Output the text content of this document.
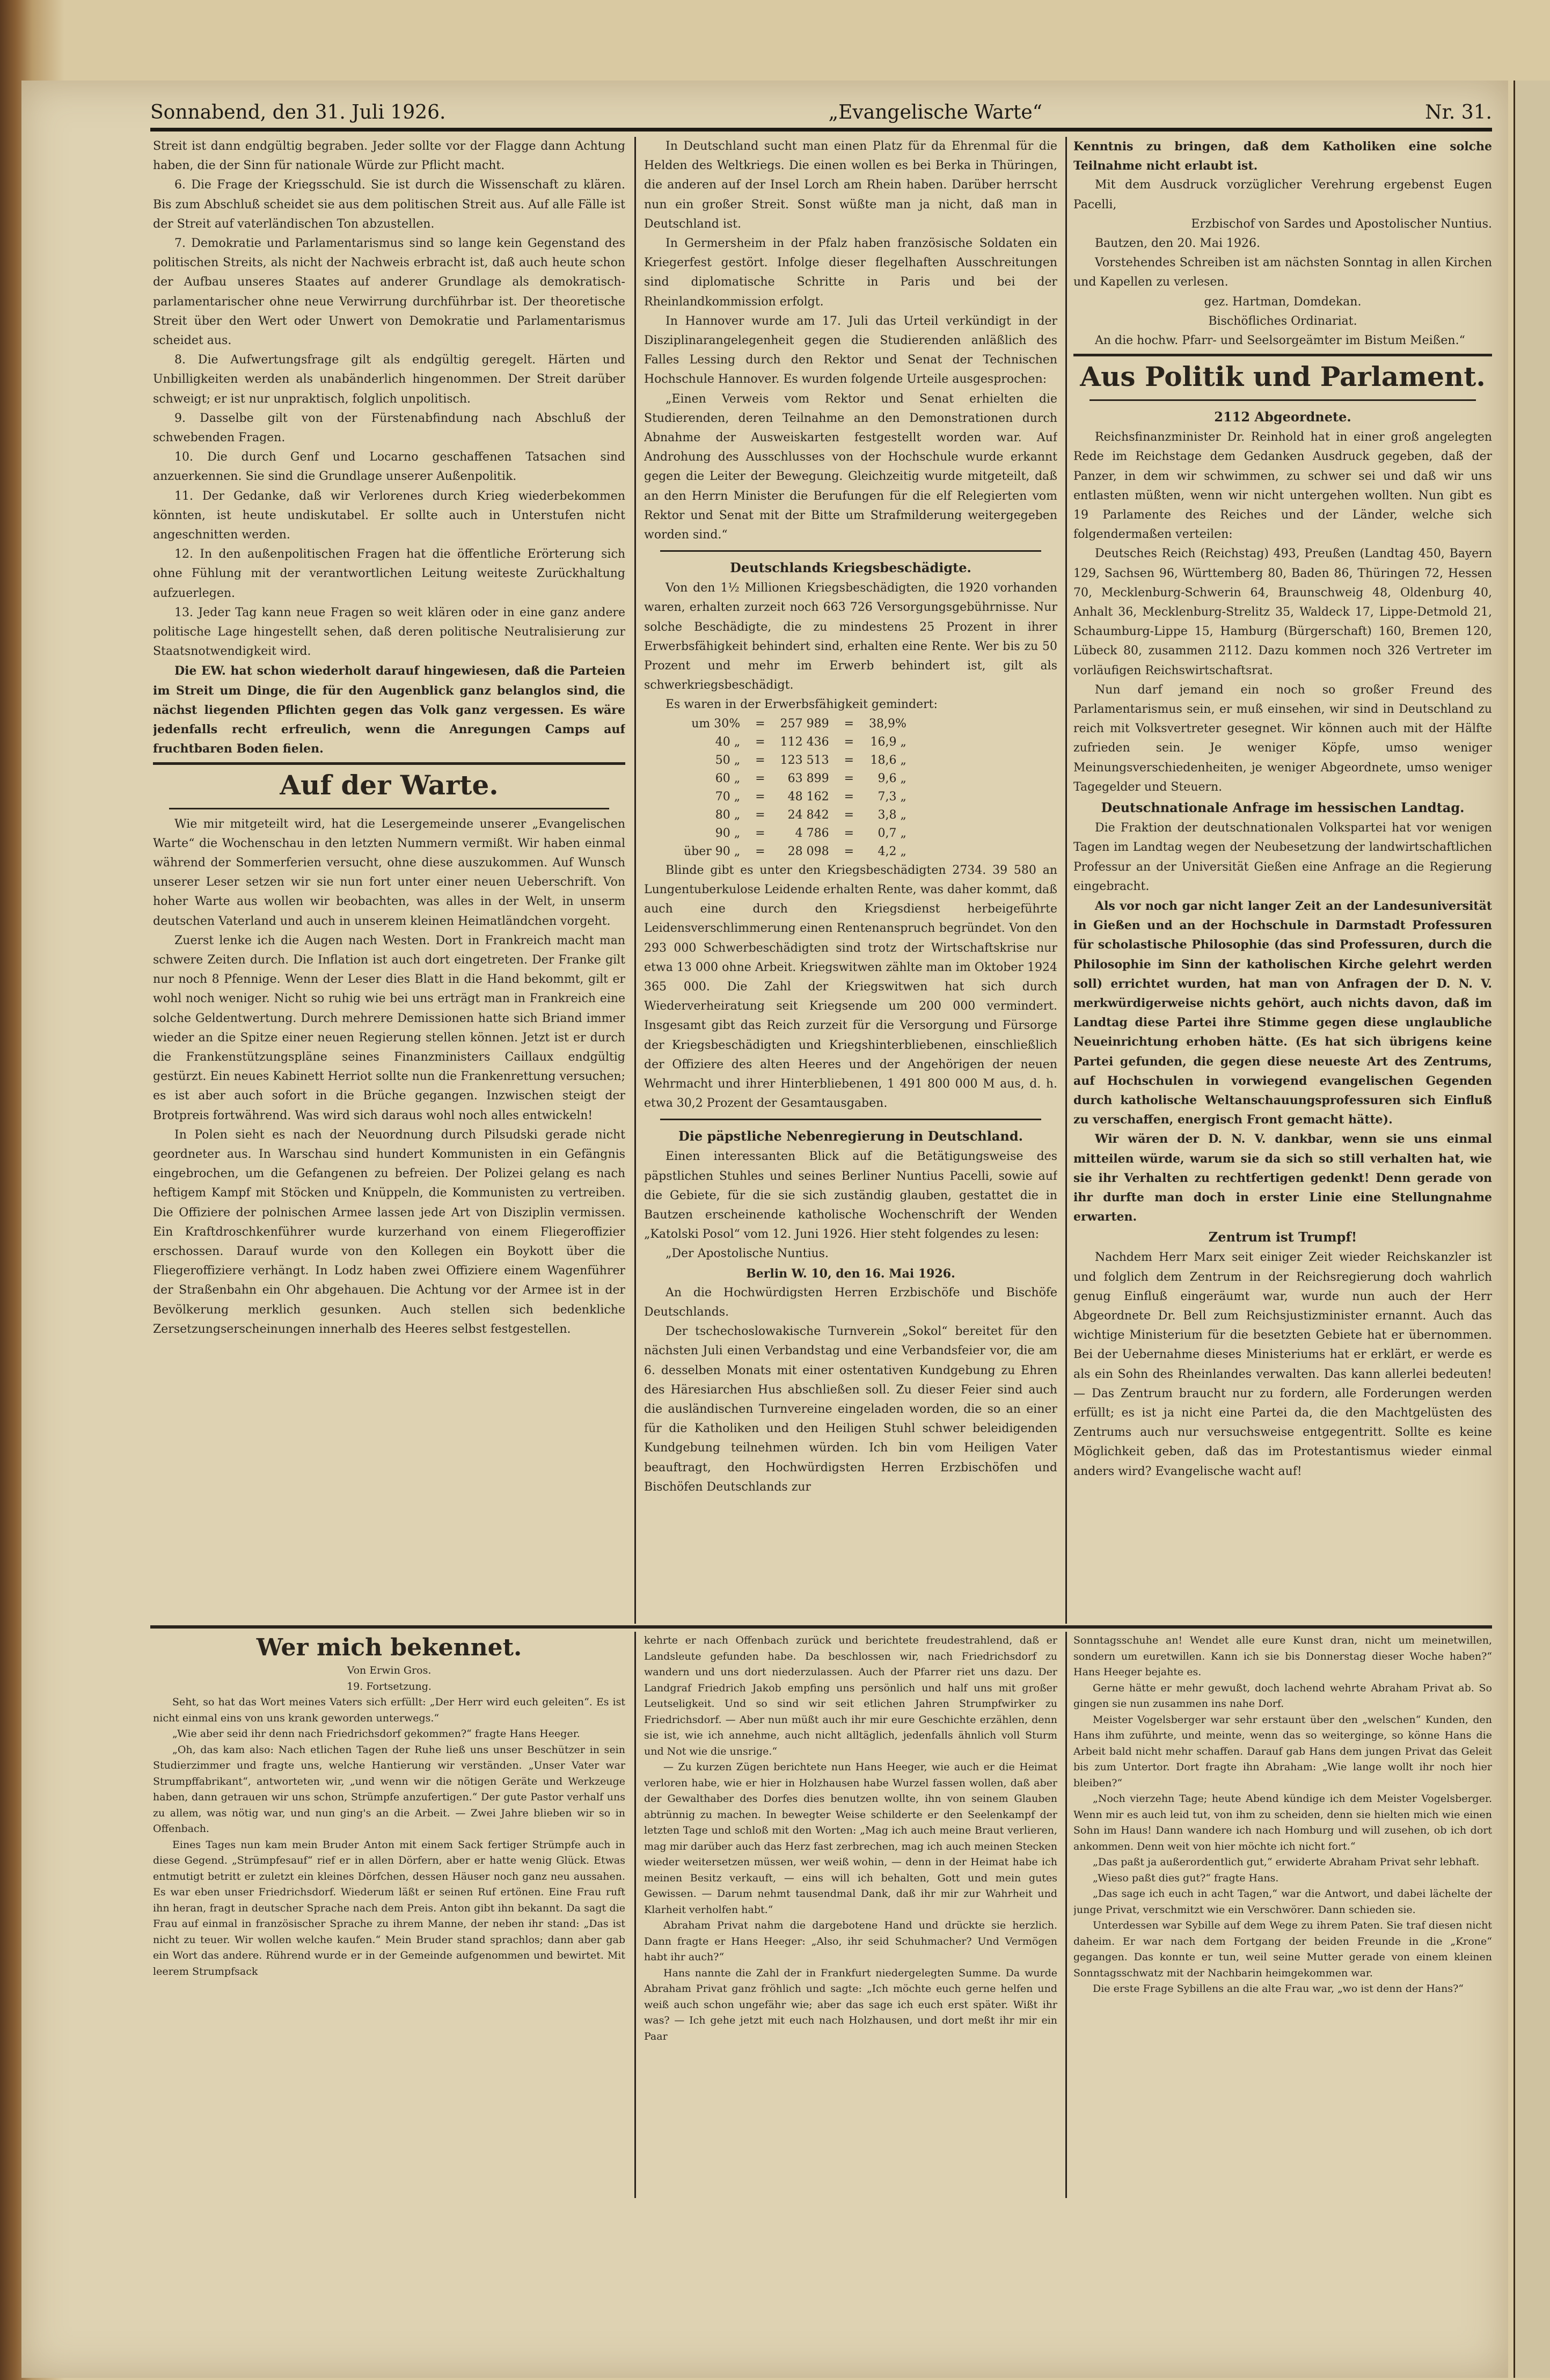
Sonnabend, den 31. Juli 1926.	„Evangelische Warte“	Nr. 31.

Streit ist dann endgültig begraben. Jeder sollte vor der Flagge dann Achtung haben, die der Sinn für nationale Würde zur Pflicht macht.

6. Die Frage der Kriegsschuld. Sie ist durch die Wissenschaft zu klären. Bis zum Abschluß scheidet sie aus dem politischen Streit aus. Auf alle Fälle ist der Streit auf vaterländischen Ton abzustellen.

7. Demokratie und Parlamentarismus sind so lange kein Gegenstand des politischen Streits, als nicht der Nachweis erbracht ist, daß auch heute schon der Aufbau unseres Staates auf anderer Grundlage als demokratisch-parlamentarischer ohne neue Verwirrung durchführbar ist. Der theoretische Streit über den Wert oder Unwert von Demokratie und Parlamentarismus scheidet aus.

8. Die Aufwertungsfrage gilt als endgültig geregelt. Härten und Unbilligkeiten werden als unabänderlich hingenommen. Der Streit darüber schweigt; er ist nur unpraktisch, folglich unpolitisch.

9. Dasselbe gilt von der Fürstenabfindung nach Abschluß der schwebenden Fragen.

10. Die durch Genf und Locarno geschaffenen Tatsachen sind anzuerkennen. Sie sind die Grundlage unserer Außenpolitik.

11. Der Gedanke, daß wir Verlorenes durch Krieg wiederbekommen könnten, ist heute undiskutabel. Er sollte auch in Unterstufen nicht angeschnitten werden.

12. In den außenpolitischen Fragen hat die öffentliche Erörterung sich ohne Fühlung mit der verantwortlichen Leitung weiteste Zurückhaltung aufzuerlegen.

13. Jeder Tag kann neue Fragen so weit klären oder in eine ganz andere politische Lage hingestellt sehen, daß deren politische Neutralisierung zur Staatsnotwendigkeit wird.

Die EW. hat schon wiederholt darauf hingewiesen, daß die Parteien im Streit um Dinge, die für den Augenblick ganz belanglos sind, die nächst liegenden Pflichten gegen das Volk ganz vergessen. Es wäre jedenfalls recht erfreulich, wenn die Anregungen Camps auf fruchtbaren Boden fielen.

Auf der Warte.

Wie mir mitgeteilt wird, hat die Lesergemeinde unserer „Evangelischen Warte“ die Wochenschau in den letzten Nummern vermißt. Wir haben einmal während der Sommerferien versucht, ohne diese auszukommen. Auf Wunsch unserer Leser setzen wir sie nun fort unter einer neuen Ueberschrift. Von hoher Warte aus wollen wir beobachten, was alles in der Welt, in unserm deutschen Vaterland und auch in unserem kleinen Heimatländchen vorgeht.

Zuerst lenke ich die Augen nach Westen. Dort in Frankreich macht man schwere Zeiten durch. Die Inflation ist auch dort eingetreten. Der Franke gilt nur noch 8 Pfennige. Wenn der Leser dies Blatt in die Hand bekommt, gilt er wohl noch weniger. Nicht so ruhig wie bei uns erträgt man in Frankreich eine solche Geldentwertung. Durch mehrere Demissionen hatte sich Briand immer wieder an die Spitze einer neuen Regierung stellen können. Jetzt ist er durch die Frankenstützungspläne seines Finanzministers Caillaux endgültig gestürzt. Ein neues Kabinett Herriot sollte nun die Frankenrettung versuchen; es ist aber auch sofort in die Brüche gegangen. Inzwischen steigt der Brotpreis fortwährend. Was wird sich daraus wohl noch alles entwickeln!

In Polen sieht es nach der Neuordnung durch Pilsudski gerade nicht geordneter aus. In Warschau sind hundert Kommunisten in ein Gefängnis eingebrochen, um die Gefangenen zu befreien. Der Polizei gelang es nach heftigem Kampf mit Stöcken und Knüppeln, die Kommunisten zu vertreiben. Die Offiziere der polnischen Armee lassen jede Art von Disziplin vermissen. Ein Kraftdroschkenführer wurde kurzerhand von einem Fliegeroffizier erschossen. Darauf wurde von den Kollegen ein Boykott über die Fliegeroffiziere verhängt. In Lodz haben zwei Offiziere einem Wagenführer der Straßenbahn ein Ohr abgehauen. Die Achtung vor der Armee ist in der Bevölkerung merklich gesunken. Auch stellen sich bedenkliche Zersetzungserscheinungen innerhalb des Heeres selbst festgestellen.

In Deutschland sucht man einen Platz für da Ehrenmal für die Helden des Weltkriegs. Die einen wollen es bei Berka in Thüringen, die anderen auf der Insel Lorch am Rhein haben. Darüber herrscht nun ein großer Streit. Sonst wüßte man ja nicht, daß man in Deutschland ist.

In Germersheim in der Pfalz haben französische Soldaten ein Kriegerfest gestört. Infolge dieser flegelhaften Ausschreitungen sind diplomatische Schritte in Paris und bei der Rheinlandkommission erfolgt.

In Hannover wurde am 17. Juli das Urteil verkündigt in der Disziplinarangelegenheit gegen die Studierenden anläßlich des Falles Lessing durch den Rektor und Senat der Technischen Hochschule Hannover. Es wurden folgende Urteile ausgesprochen:

„Einen Verweis vom Rektor und Senat erhielten die Studierenden, deren Teilnahme an den Demonstrationen durch Abnahme der Ausweiskarten festgestellt worden war. Auf Androhung des Ausschlusses von der Hochschule wurde erkannt gegen die Leiter der Bewegung. Gleichzeitig wurde mitgeteilt, daß an den Herrn Minister die Berufungen für die elf Relegierten vom Rektor und Senat mit der Bitte um Strafmilderung weitergegeben worden sind.“

Deutschlands Kriegsbeschädigte.

Von den 1½ Millionen Kriegsbeschädigten, die 1920 vorhanden waren, erhalten zurzeit noch 663 726 Versorgungsgebührnisse. Nur solche Beschädigte, die zu mindestens 25 Prozent in ihrer Erwerbsfähigkeit behindert sind, erhalten eine Rente. Wer bis zu 50 Prozent und mehr im Erwerb behindert ist, gilt als schwerkriegsbeschädigt.

Es waren in der Erwerbsfähigkeit gemindert:

um 30%	=	257 989	=	38,9%
40 „	=	112 436	=	16,9 „
50 „	=	123 513	=	18,6 „
60 „	=	63 899	=	9,6 „
70 „	=	48 162	=	7,3 „
80 „	=	24 842	=	3,8 „
90 „	=	4 786	=	0,7 „
über 90 „	=	28 098	=	4,2 „

Blinde gibt es unter den Kriegsbeschädigten 2734. 39 580 an Lungentuberkulose Leidende erhalten Rente, was daher kommt, daß auch eine durch den Kriegsdienst herbeigeführte Leidensverschlimmerung einen Rentenanspruch begründet. Von den 293 000 Schwerbeschädigten sind trotz der Wirtschaftskrise nur etwa 13 000 ohne Arbeit. Kriegswitwen zählte man im Oktober 1924 365 000. Die Zahl der Kriegswitwen hat sich durch Wiederverheiratung seit Kriegsende um 200 000 vermindert. Insgesamt gibt das Reich zurzeit für die Versorgung und Fürsorge der Kriegsbeschädigten und Kriegshinterbliebenen, einschließlich der Offiziere des alten Heeres und der Angehörigen der neuen Wehrmacht und ihrer Hinterbliebenen, 1 491 800 000 M aus, d. h. etwa 30,2 Prozent der Gesamtausgaben.

Die päpstliche Nebenregierung in Deutschland.

Einen interessanten Blick auf die Betätigungsweise des päpstlichen Stuhles und seines Berliner Nuntius Pacelli, sowie auf die Gebiete, für die sie sich zuständig glauben, gestattet die in Bautzen erscheinende katholische Wochenschrift der Wenden „Katolski Posol“ vom 12. Juni 1926. Hier steht folgendes zu lesen:

„Der Apostolische Nuntius.

Berlin W. 10, den 16. Mai 1926.

An die Hochwürdigsten Herren Erzbischöfe und Bischöfe Deutschlands.

Der tschechoslowakische Turnverein „Sokol“ bereitet für den nächsten Juli einen Verbandstag und eine Verbandsfeier vor, die am 6. desselben Monats mit einer ostentativen Kundgebung zu Ehren des Häresiarchen Hus abschließen soll. Zu dieser Feier sind auch die ausländischen Turnvereine eingeladen worden, die so an einer für die Katholiken und den Heiligen Stuhl schwer beleidigenden Kundgebung teilnehmen würden. Ich bin vom Heiligen Vater beauftragt, den Hochwürdigsten Herren Erzbischöfen und Bischöfen Deutschlands zur

Kenntnis zu bringen, daß dem Katholiken eine solche Teilnahme nicht erlaubt ist.

Mit dem Ausdruck vorzüglicher Verehrung ergebenst Eugen Pacelli,

Erzbischof von Sardes und Apostolischer Nuntius.

Bautzen, den 20. Mai 1926.

Vorstehendes Schreiben ist am nächsten Sonntag in allen Kirchen und Kapellen zu verlesen.

gez. Hartman, Domdekan.

Bischöfliches Ordinariat.

An die hochw. Pfarr- und Seelsorgeämter im Bistum Meißen.“

Aus Politik und Parlament.

2112 Abgeordnete.

Reichsfinanzminister Dr. Reinhold hat in einer groß angelegten Rede im Reichstage dem Gedanken Ausdruck gegeben, daß der Panzer, in dem wir schwimmen, zu schwer sei und daß wir uns entlasten müßten, wenn wir nicht untergehen wollten. Nun gibt es 19 Parlamente des Reiches und der Länder, welche sich folgendermaßen verteilen:

Deutsches Reich (Reichstag) 493, Preußen (Landtag 450, Bayern 129, Sachsen 96, Württemberg 80, Baden 86, Thüringen 72, Hessen 70, Mecklenburg-Schwerin 64, Braunschweig 48, Oldenburg 40, Anhalt 36, Mecklenburg-Strelitz 35, Waldeck 17, Lippe-Detmold 21, Schaumburg-Lippe 15, Hamburg (Bürgerschaft) 160, Bremen 120, Lübeck 80, zusammen 2112. Dazu kommen noch 326 Vertreter im vorläufigen Reichswirtschaftsrat.

Nun darf jemand ein noch so großer Freund des Parlamentarismus sein, er muß einsehen, wir sind in Deutschland zu reich mit Volksvertreter gesegnet. Wir können auch mit der Hälfte zufrieden sein. Je weniger Köpfe, umso weniger Meinungsverschiedenheiten, je weniger Abgeordnete, umso weniger Tagegelder und Steuern.

Deutschnationale Anfrage im hessischen Landtag.

Die Fraktion der deutschnationalen Volkspartei hat vor wenigen Tagen im Landtag wegen der Neubesetzung der landwirtschaftlichen Professur an der Universität Gießen eine Anfrage an die Regierung eingebracht.

Als vor noch gar nicht langer Zeit an der Landesuniversität in Gießen und an der Hochschule in Darmstadt Professuren für scholastische Philosophie (das sind Professuren, durch die Philosophie im Sinn der katholischen Kirche gelehrt werden soll) errichtet wurden, hat man von Anfragen der D. N. V. merkwürdigerweise nichts gehört, auch nichts davon, daß im Landtag diese Partei ihre Stimme gegen diese unglaubliche Neueinrichtung erhoben hätte. (Es hat sich übrigens keine Partei gefunden, die gegen diese neueste Art des Zentrums, auf Hochschulen in vorwiegend evangelischen Gegenden durch katholische Weltanschauungsprofessuren sich Einfluß zu verschaffen, energisch Front gemacht hätte).

Wir wären der D. N. V. dankbar, wenn sie uns einmal mitteilen würde, warum sie da sich so still verhalten hat, wie sie ihr Verhalten zu rechtfertigen gedenkt! Denn gerade von ihr durfte man doch in erster Linie eine Stellungnahme erwarten.

Zentrum ist Trumpf!

Nachdem Herr Marx seit einiger Zeit wieder Reichskanzler ist und folglich dem Zentrum in der Reichsregierung doch wahrlich genug Einfluß eingeräumt war, wurde nun auch der Herr Abgeordnete Dr. Bell zum Reichsjustizminister ernannt. Auch das wichtige Ministerium für die besetzten Gebiete hat er übernommen. Bei der Uebernahme dieses Ministeriums hat er erklärt, er werde es als ein Sohn des Rheinlandes verwalten. Das kann allerlei bedeuten! — Das Zentrum braucht nur zu fordern, alle Forderungen werden erfüllt; es ist ja nicht eine Partei da, die den Machtgelüsten des Zentrums auch nur versuchsweise entgegentritt. Sollte es keine Möglichkeit geben, daß das im Protestantismus wieder einmal anders wird? Evangelische wacht auf!

Wer mich bekennet.

Von Erwin Gros.

19. Fortsetzung.

Seht, so hat das Wort meines Vaters sich erfüllt: „Der Herr wird euch geleiten“. Es ist nicht einmal eins von uns krank geworden unterwegs.“

„Wie aber seid ihr denn nach Friedrichsdorf gekommen?“ fragte Hans Heeger.

„Oh, das kam also: Nach etlichen Tagen der Ruhe ließ uns unser Beschützer in sein Studierzimmer und fragte uns, welche Hantierung wir verständen. „Unser Vater war Strumpffabrikant“, antworteten wir, „und wenn wir die nötigen Geräte und Werkzeuge haben, dann getrauen wir uns schon, Strümpfe anzufertigen.“ Der gute Pastor verhalf uns zu allem, was nötig war, und nun ging's an die Arbeit. — Zwei Jahre blieben wir so in Offenbach.

Eines Tages nun kam mein Bruder Anton mit einem Sack fertiger Strümpfe auch in diese Gegend. „Strümpfesauf“ rief er in allen Dörfern, aber er hatte wenig Glück. Etwas entmutigt betritt er zuletzt ein kleines Dörfchen, dessen Häuser noch ganz neu aussahen. Es war eben unser Friedrichsdorf. Wiederum läßt er seinen Ruf ertönen. Eine Frau ruft ihn heran, fragt in deutscher Sprache nach dem Preis. Anton gibt ihn bekannt. Da sagt die Frau auf einmal in französischer Sprache zu ihrem Manne, der neben ihr stand: „Das ist nicht zu teuer. Wir wollen welche kaufen.“ Mein Bruder stand sprachlos; dann aber gab ein Wort das andere. Rührend wurde er in der Gemeinde aufgenommen und bewirtet. Mit leerem Strumpfsack

kehrte er nach Offenbach zurück und berichtete freudestrahlend, daß er Landsleute gefunden habe. Da beschlossen wir, nach Friedrichsdorf zu wandern und uns dort niederzulassen. Auch der Pfarrer riet uns dazu. Der Landgraf Friedrich Jakob empfing uns persönlich und half uns mit großer Leutseligkeit. Und so sind wir seit etlichen Jahren Strumpfwirker zu Friedrichsdorf. — Aber nun müßt auch ihr mir eure Geschichte erzählen, denn sie ist, wie ich annehme, auch nicht alltäglich, jedenfalls ähnlich voll Sturm und Not wie die unsrige.“

— Zu kurzen Zügen berichtete nun Hans Heeger, wie auch er die Heimat verloren habe, wie er hier in Holzhausen habe Wurzel fassen wollen, daß aber der Gewalthaber des Dorfes dies benutzen wollte, ihn von seinem Glauben abtrünnig zu machen. In bewegter Weise schilderte er den Seelenkampf der letzten Tage und schloß mit den Worten: „Mag ich auch meine Braut verlieren, mag mir darüber auch das Herz fast zerbrechen, mag ich auch meinen Stecken wieder weitersetzen müssen, wer weiß wohin, — denn in der Heimat habe ich meinen Besitz verkauft, — eins will ich behalten, Gott und mein gutes Gewissen. — Darum nehmt tausendmal Dank, daß ihr mir zur Wahrheit und Klarheit verholfen habt.“

Abraham Privat nahm die dargebotene Hand und drückte sie herzlich. Dann fragte er Hans Heeger: „Also, ihr seid Schuhmacher? Und Vermögen habt ihr auch?“

Hans nannte die Zahl der in Frankfurt niedergelegten Summe. Da wurde Abraham Privat ganz fröhlich und sagte: „Ich möchte euch gerne helfen und weiß auch schon ungefähr wie; aber das sage ich euch erst später. Wißt ihr was? — Ich gehe jetzt mit euch nach Holzhausen, und dort meßt ihr mir ein Paar

Sonntagsschuhe an! Wendet alle eure Kunst dran, nicht um meinetwillen, sondern um euretwillen. Kann ich sie bis Donnerstag dieser Woche haben?“ Hans Heeger bejahte es.

Gerne hätte er mehr gewußt, doch lachend wehrte Abraham Privat ab. So gingen sie nun zusammen ins nahe Dorf.

Meister Vogelsberger war sehr erstaunt über den „welschen“ Kunden, den Hans ihm zuführte, und meinte, wenn das so weiterginge, so könne Hans die Arbeit bald nicht mehr schaffen. Darauf gab Hans dem jungen Privat das Geleit bis zum Untertor. Dort fragte ihn Abraham: „Wie lange wollt ihr noch hier bleiben?“

„Noch vierzehn Tage; heute Abend kündige ich dem Meister Vogelsberger. Wenn mir es auch leid tut, von ihm zu scheiden, denn sie hielten mich wie einen Sohn im Haus! Dann wandere ich nach Homburg und will zusehen, ob ich dort ankommen. Denn weit von hier möchte ich nicht fort.“

„Das paßt ja außerordentlich gut,“ erwiderte Abraham Privat sehr lebhaft.

„Wieso paßt dies gut?“ fragte Hans.

„Das sage ich euch in acht Tagen,“ war die Antwort, und dabei lächelte der junge Privat, verschmitzt wie ein Verschwörer. Dann schieden sie.

Unterdessen war Sybille auf dem Wege zu ihrem Paten. Sie traf diesen nicht daheim. Er war nach dem Fortgang der beiden Freunde in die „Krone“ gegangen. Das konnte er tun, weil seine Mutter gerade von einem kleinen Sonntagsschwatz mit der Nachbarin heimgekommen war.

Die erste Frage Sybillens an die alte Frau war, „wo ist denn der Hans?“
